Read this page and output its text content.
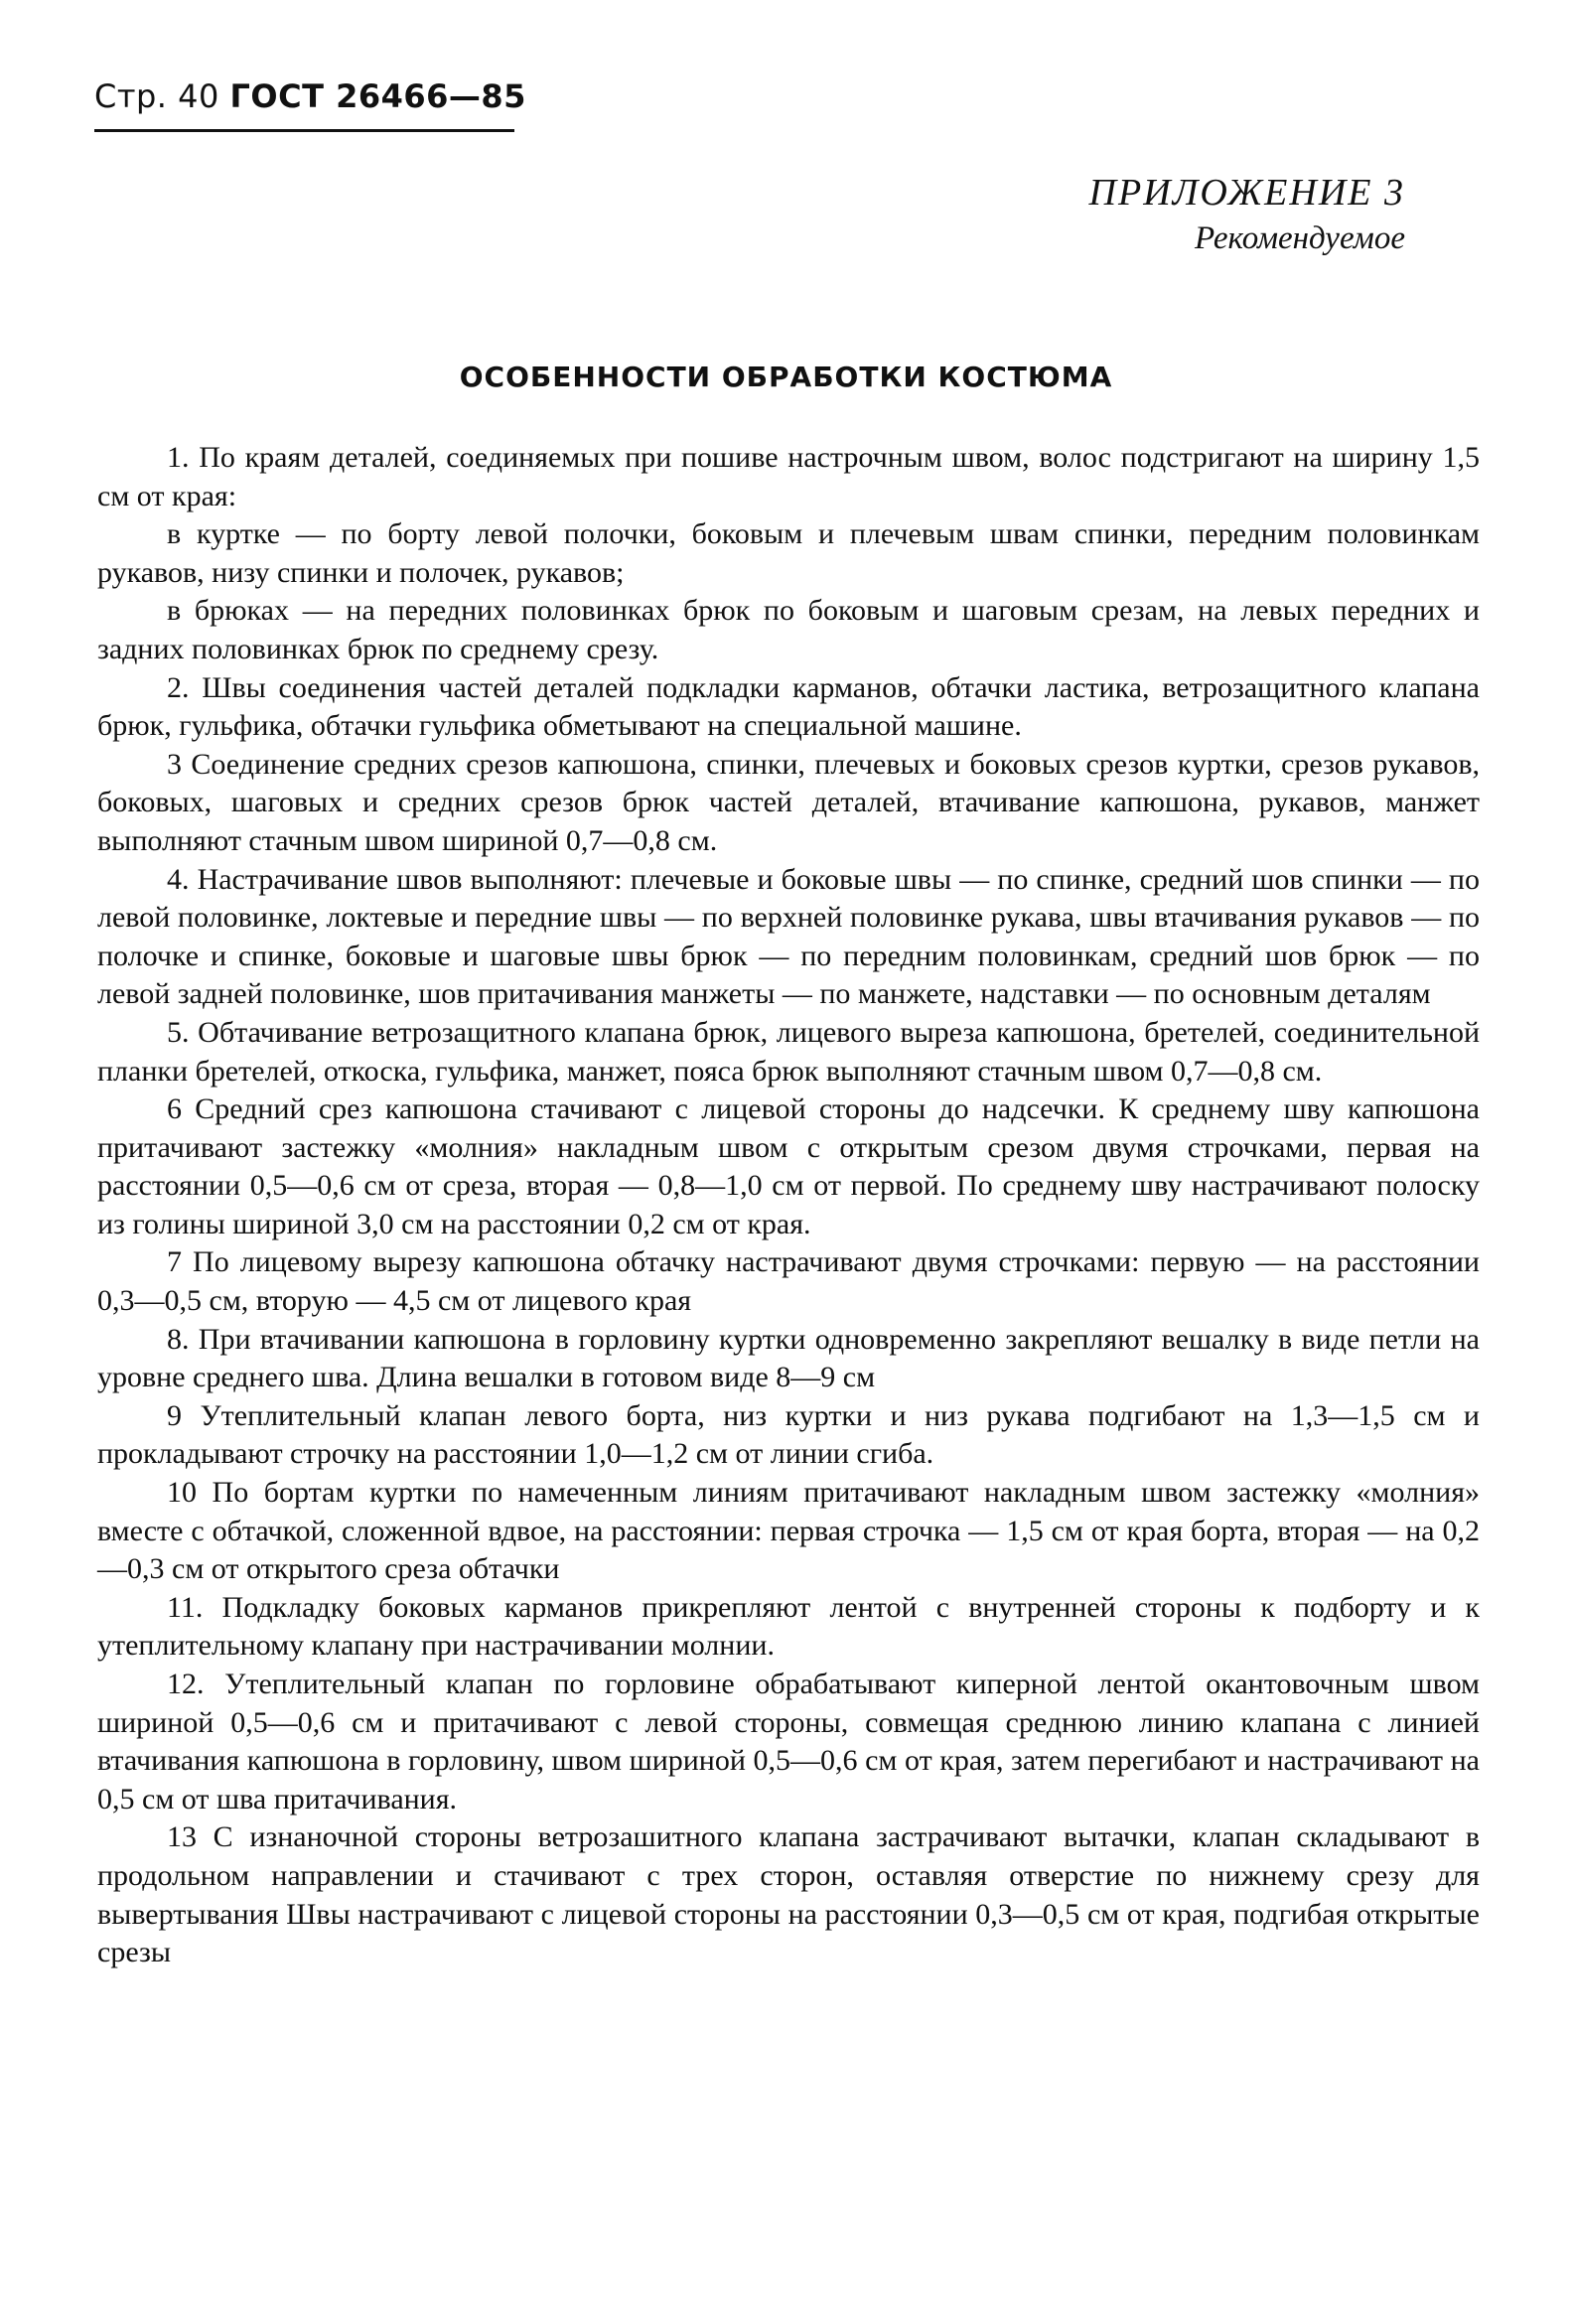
Стр. 40 ГОСТ 26466—85
ПРИЛОЖЕНИЕ 3
Рекомендуемое
ОСОБЕННОСТИ ОБРАБОТКИ КОСТЮМА

1. По краям деталей, соединяемых при пошиве настрочным швом, волос подстригают на ширину 1,5 см от края:

в куртке — по борту левой полочки, боковым и плечевым швам спинки, передним половинкам рукавов, низу спинки и полочек, рукавов;

в брюках — на передних половинках брюк по боковым и шаговым срезам, на левых передних и задних половинках брюк по среднему срезу.

2. Швы соединения частей деталей подкладки карманов, обтачки ластика, ветрозащитного клапана брюк, гульфика, обтачки гульфика обметывают на специальной машине.

3 Соединение средних срезов капюшона, спинки, плечевых и боковых срезов куртки, срезов рукавов, боковых, шаговых и средних срезов брюк частей деталей, втачивание капюшона, рукавов, манжет выполняют стачным швом шириной 0,7—0,8 см.

4. Настрачивание швов выполняют: плечевые и боковые швы — по спинке, средний шов спинки — по левой половинке, локтевые и передние швы — по верхней половинке рукава, швы втачивания рукавов — по полочке и спинке, боковые и шаговые швы брюк — по передним половинкам, средний шов брюк — по левой задней половинке, шов притачивания манжеты — по манжете, надставки — по основным деталям

5. Обтачивание ветрозащитного клапана брюк, лицевого выреза капюшона, бретелей, соединительной планки бретелей, откоска, гульфика, манжет, пояса брюк выполняют стачным швом 0,7—0,8 см.

6 Средний срез капюшона стачивают с лицевой стороны до надсечки. К среднему шву капюшона притачивают застежку «молния» накладным швом с открытым срезом двумя строчками, первая на расстоянии 0,5—0,6 см от среза, вторая — 0,8—1,0 см от первой. По среднему шву настрачивают полоску из голины шириной 3,0 см на расстоянии 0,2 см от края.

7 По лицевому вырезу капюшона обтачку настрачивают двумя строчками: первую — на расстоянии 0,3—0,5 см, вторую — 4,5 см от лицевого края

8. При втачивании капюшона в горловину куртки одновременно закрепляют вешалку в виде петли на уровне среднего шва. Длина вешалки в готовом виде 8—9 см

9 Утеплительный клапан левого борта, низ куртки и низ рукава подгибают на 1,3—1,5 см и прокладывают строчку на расстоянии 1,0—1,2 см от линии сгиба.

10 По бортам куртки по намеченным линиям притачивают накладным швом застежку «молния» вместе с обтачкой, сложенной вдвое, на расстоянии: первая строчка — 1,5 см от края борта, вторая — на 0,2—0,3 см от открытого среза обтачки

11. Подкладку боковых карманов прикрепляют лентой с внутренней стороны к подборту и к утеплительному клапану при настрачивании молнии.

12. Утеплительный клапан по горловине обрабатывают киперной лентой окантовочным швом шириной 0,5—0,6 см и притачивают с левой стороны, совмещая среднюю линию клапана с линией втачивания капюшона в горловину, швом шириной 0,5—0,6 см от края, затем перегибают и настрачивают на 0,5 см от шва притачивания.

13 С изнаночной стороны ветрозашитного клапана застрачивают вытачки, клапан складывают в продольном направлении и стачивают с трех сторон, оставляя отверстие по нижнему срезу для вывертывания Швы настрачивают с лицевой стороны на расстоянии 0,3—0,5 см от края, подгибая открытые срезы
